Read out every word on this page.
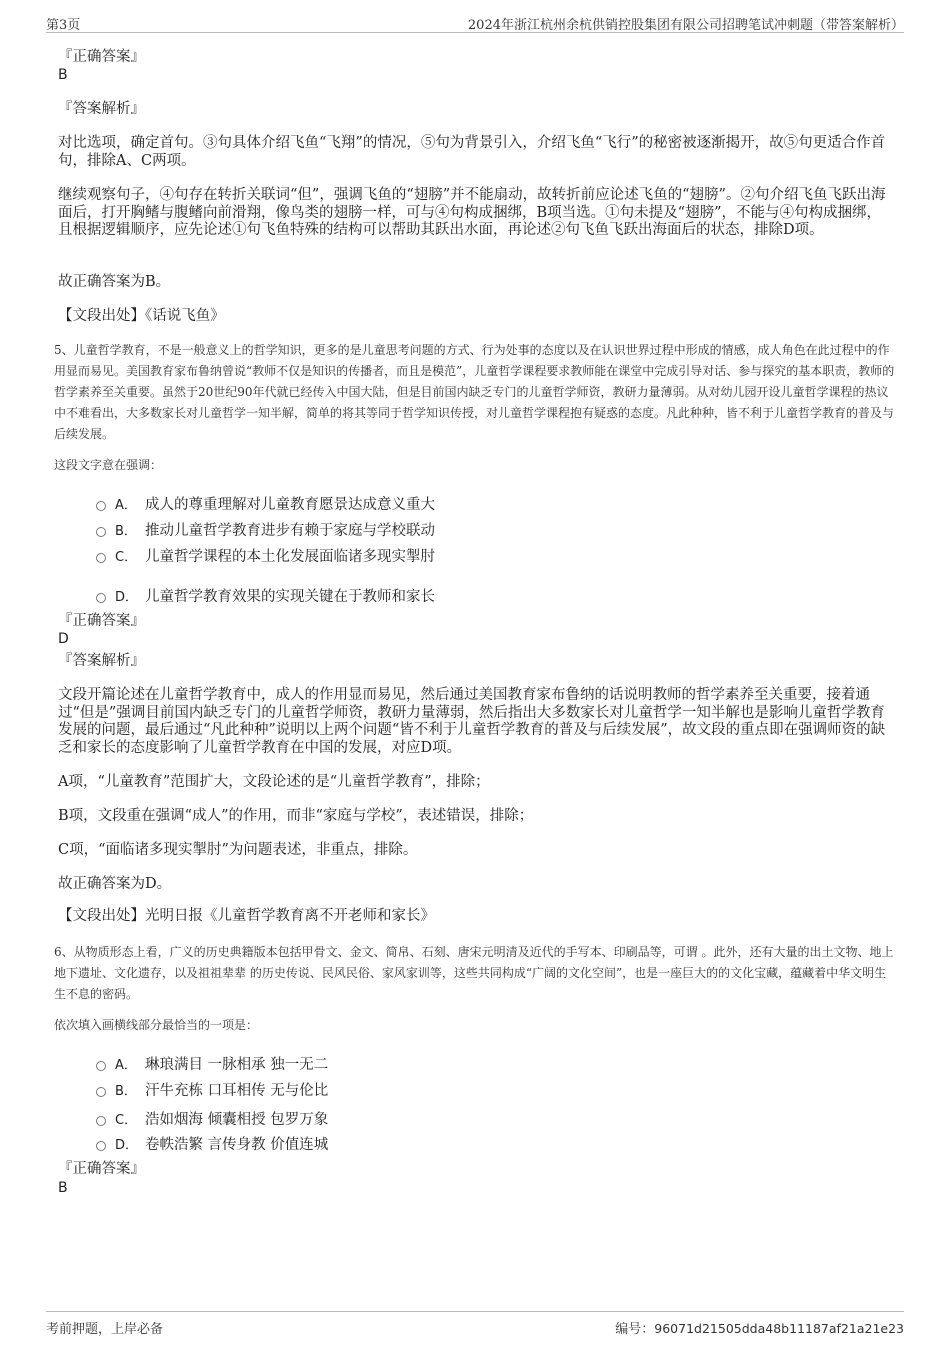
第3页	2024年浙江杭州余杭供销控股集团有限公司招聘笔试冲刺题（带答案解析）
『正确答案』
B
『答案解析』

对比选项，确定首句。③句具体介绍飞鱼“飞翔”的情况，⑤句为背景引入，介绍飞鱼“飞行”的秘密被逐渐揭开，故⑤句更适合作首句，排除A、C两项。

继续观察句子，④句存在转折关联词“但”，强调飞鱼的“翅膀”并不能扇动，故转折前应论述飞鱼的“翅膀”。②句介绍飞鱼飞跃出海面后，打开胸鳍与腹鳍向前滑翔，像鸟类的翅膀一样，可与④句构成捆绑，B项当选。①句未提及“翅膀”，不能与④句构成捆绑，且根据逻辑顺序，应先论述①句飞鱼特殊的结构可以帮助其跃出水面，再论述②句飞鱼飞跃出海面后的状态，排除D项。

故正确答案为B。
【文段出处】《话说飞鱼》

5、儿童哲学教育，不是一般意义上的哲学知识，更多的是儿童思考问题的方式、行为处事的态度以及在认识世界过程中形成的情感，成人角色在此过程中的作用显而易见。美国教育家布鲁纳曾说“教师不仅是知识的传播者，而且是模范”，儿童哲学课程要求教师能在课堂中完成引导对话、参与探究的基本职责，教师的哲学素养至关重要。虽然于20世纪90年代就已经传入中国大陆，但是目前国内缺乏专门的儿童哲学师资，教研力量薄弱。从对幼儿园开设儿童哲学课程的热议中不难看出，大多数家长对儿童哲学一知半解，简单的将其等同于哲学知识传授，对儿童哲学课程抱有疑惑的态度。凡此种种，皆不利于儿童哲学教育的普及与后续发展。

这段文字意在强调：
A． 成人的尊重理解对儿童教育愿景达成意义重大
B． 推动儿童哲学教育进步有赖于家庭与学校联动
C． 儿童哲学课程的本土化发展面临诸多现实掣肘
D． 儿童哲学教育效果的实现关键在于教师和家长
『正确答案』
D
『答案解析』

文段开篇论述在儿童哲学教育中，成人的作用显而易见，然后通过美国教育家布鲁纳的话说明教师的哲学素养至关重要，接着通过“但是”强调目前国内缺乏专门的儿童哲学师资，教研力量薄弱，然后指出大多数家长对儿童哲学一知半解也是影响儿童哲学教育发展的问题，最后通过“凡此种种”说明以上两个问题“皆不利于儿童哲学教育的普及与后续发展”，故文段的重点即在强调师资的缺乏和家长的态度影响了儿童哲学教育在中国的发展，对应D项。

A项，“儿童教育”范围扩大，文段论述的是“儿童哲学教育”，排除；
B项，文段重在强调“成人”的作用，而非“家庭与学校”，表述错误，排除；
C项，“面临诸多现实掣肘”为问题表述，非重点，排除。
故正确答案为D。
【文段出处】光明日报《儿童哲学教育离不开老师和家长》

6、从物质形态上看，广义的历史典籍版本包括甲骨文、金文、简帛、石刻、唐宋元明清及近代的手写本、印刷品等，可谓 。此外，还有大量的出土文物、地上地下遗址、文化遗存，以及祖祖辈辈 的历史传说、民风民俗、家风家训等，这些共同构成“广阔的文化空间”，也是一座巨大的的文化宝藏，蕴藏着中华文明生生不息的密码。

依次填入画横线部分最恰当的一项是：
A． 琳琅满目 一脉相承 独一无二
B． 汗牛充栋 口耳相传 无与伦比
C． 浩如烟海 倾囊相授 包罗万象
D． 卷帙浩繁 言传身教 价值连城
『正确答案』
B
考前押题，上岸必备	编号：96071d21505dda48b11187af21a21e23
